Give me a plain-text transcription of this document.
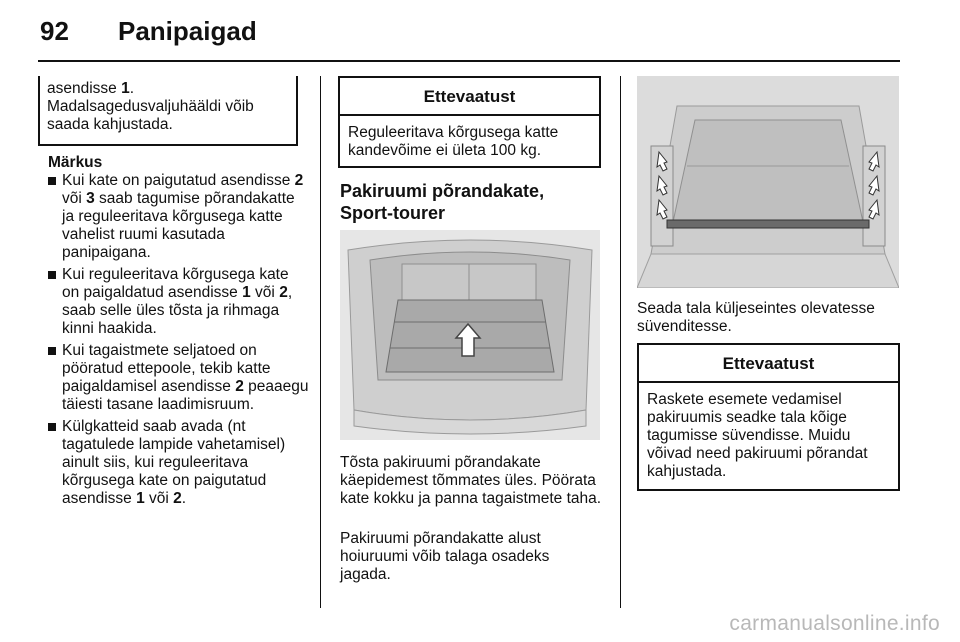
92 Panipaigad
asendisse 1.
Madalsagedusvaljuhääldi võib saada kahjustada.
Märkus
Kui kate on paigutatud asendisse 2 või 3 saab tagumise põrandakatte ja reguleeritava kõrgusega katte vahelist ruumi kasutada panipaigana.
Kui reguleeritava kõrgusega kate on paigaldatud asendisse 1 või 2, saab selle üles tõsta ja rihmaga kinni haakida.
Kui tagaistmete seljatoed on pööratud ettepoole, tekib katte paigaldamisel asendisse 2 peaaegu täiesti tasane laadimisruum.
Külgkatteid saab avada (nt tagatulede lampide vahetamisel) ainult siis, kui reguleeritava kõrgusega kate on paigutatud asendisse 1 või 2.
Ettevaatust
Reguleeritava kõrgusega katte kandevõime ei ületa 100 kg.
Pakiruumi põrandakate,
Sport-tourer
Tõsta pakiruumi põrandakate käepidemest tõmmates üles. Pöörata kate kokku ja panna tagaistmete taha.
Pakiruumi põrandakatte alust hoiuruumi võib talaga osadeks jagada.
Seada tala küljeseintes olevatesse süvenditesse.
Ettevaatust
Raskete esemete vedamisel pakiruumis seadke tala kõige tagumisse süvendisse. Muidu võivad need pakiruumi põrandat kahjustada.
carmanualsonline.info
